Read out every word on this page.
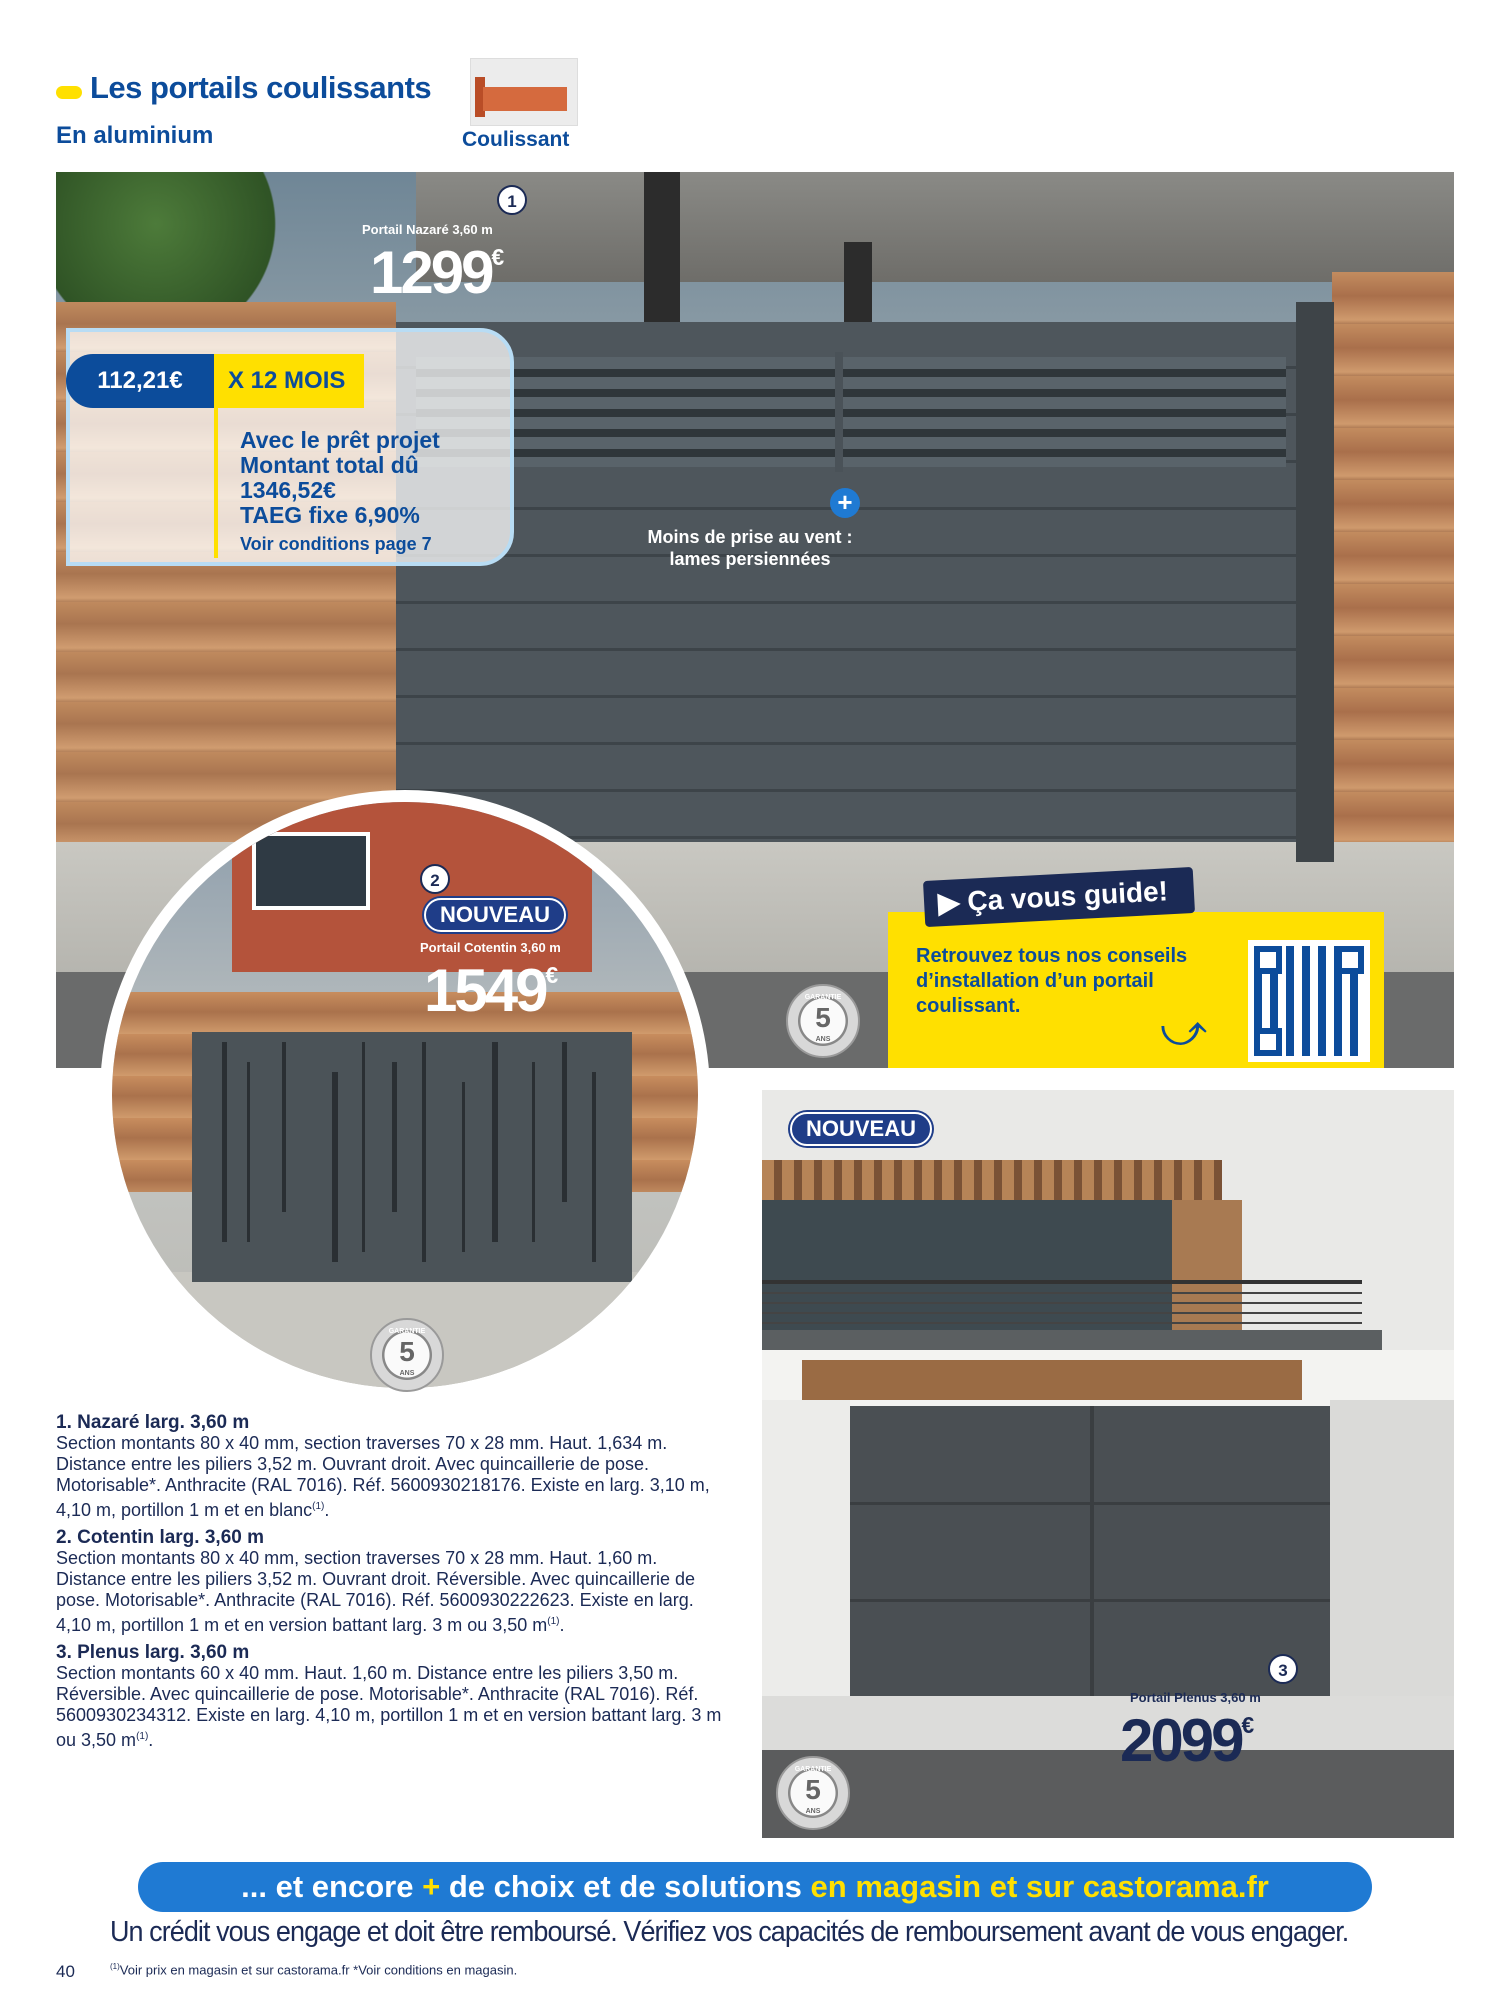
Les portails coulissants
En aluminium	Coulissant
1
Portail Nazaré 3,60 m
1299€
112,21€	X 12 MOIS
Avec le prêt projet
Montant total dû
1346,52€
TAEG fixe 6,90%
Voir conditions page 7
+
Moins de prise au vent :
lames persiennées
GARANTIE
5
ANS
▶ Ça vous guide!
Retrouvez tous nos conseils d’installation d’un portail coulissant.	⤻
2
NOUVEAU
Portail Cotentin 3,60 m
1549€
GARANTIE
5
ANS
NOUVEAU
3
Portail Plenus 3,60 m
2099€
GARANTIE
5
ANS

1. Nazaré larg. 3,60 m
Section montants 80 x 40 mm, section traverses 70 x 28 mm. Haut. 1,634 m. Distance entre les piliers 3,52 m. Ouvrant droit. Avec quincaillerie de pose. Motorisable*. Anthracite (RAL 7016). Réf. 5600930218176. Existe en larg. 3,10 m, 4,10 m, portillon 1 m et en blanc$^{(1)}$.

2. Cotentin larg. 3,60 m
Section montants 80 x 40 mm, section traverses 70 x 28 mm. Haut. 1,60 m. Distance entre les piliers 3,52 m. Ouvrant droit. Réversible. Avec quincaillerie de pose. Motorisable*. Anthracite (RAL 7016). Réf. 5600930222623. Existe en larg. 4,10 m, portillon 1 m et en version battant larg. 3 m ou 3,50 $m^{(1)}$.

3. Plenus larg. 3,60 m
Section montants 60 x 40 mm. Haut. 1,60 m. Distance entre les piliers 3,50 m. Réversible. Avec quincaillerie de pose. Motorisable*. Anthracite (RAL 7016). Réf. 5600930234312. Existe en larg. 4,10 m, portillon 1 m et en version battant larg. 3 m ou 3,50 $m^{(1)}$.

... et encore + de choix et de solutions en magasin et sur castorama.fr
Un crédit vous engage et doit être remboursé. Vérifiez vos capacités de remboursement avant de vous engager.
40	$^{(1)}$Voir prix en magasin et sur castorama.fr *Voir conditions en magasin.
